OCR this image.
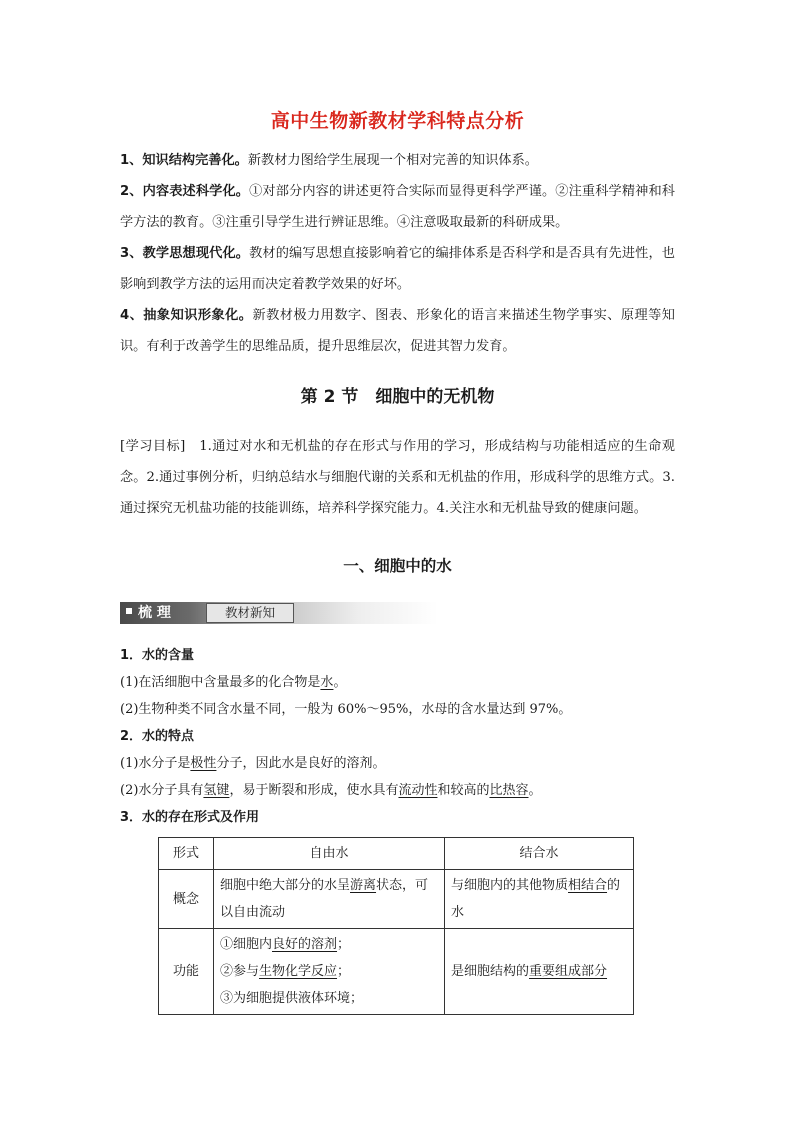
高中生物新教材学科特点分析

1、知识结构完善化。新教材力图给学生展现一个相对完善的知识体系。

2、内容表述科学化。①对部分内容的讲述更符合实际而显得更科学严谨。②注重科学精神和科学方法的教育。③注重引导学生进行辨证思维。④注意吸取最新的科研成果。

3、教学思想现代化。教材的编写思想直接影响着它的编排体系是否科学和是否具有先进性，也影响到教学方法的运用而决定着教学效果的好坏。

4、抽象知识形象化。新教材极力用数字、图表、形象化的语言来描述生物学事实、原理等知识。有利于改善学生的思维品质，提升思维层次，促进其智力发育。

第 2 节　细胞中的无机物

[学习目标]　1.通过对水和无机盐的存在形式与作用的学习，形成结构与功能相适应的生命观念。2.通过事例分析，归纳总结水与细胞代谢的关系和无机盐的作用，形成科学的思维方式。3.通过探究无机盐功能的技能训练，培养科学探究能力。4.关注水和无机盐导致的健康问题。

一、细胞中的水
梳 理	教材新知

1．水的含量

(1)在活细胞中含量最多的化合物是水。

(2)生物种类不同含水量不同，一般为 60%～95%，水母的含水量达到 97%。

2．水的特点

(1)水分子是极性分子，因此水是良好的溶剂。

(2)水分子具有氢键，易于断裂和形成，使水具有流动性和较高的比热容。

3．水的存在形式及作用

形式	自由水	结合水
概念	细胞中绝大部分的水呈游离状态，可以自由流动	与细胞内的其他物质相结合的水
功能	①细胞内良好的溶剂；
②参与生物化学反应；
③为细胞提供液体环境；	是细胞结构的重要组成部分
